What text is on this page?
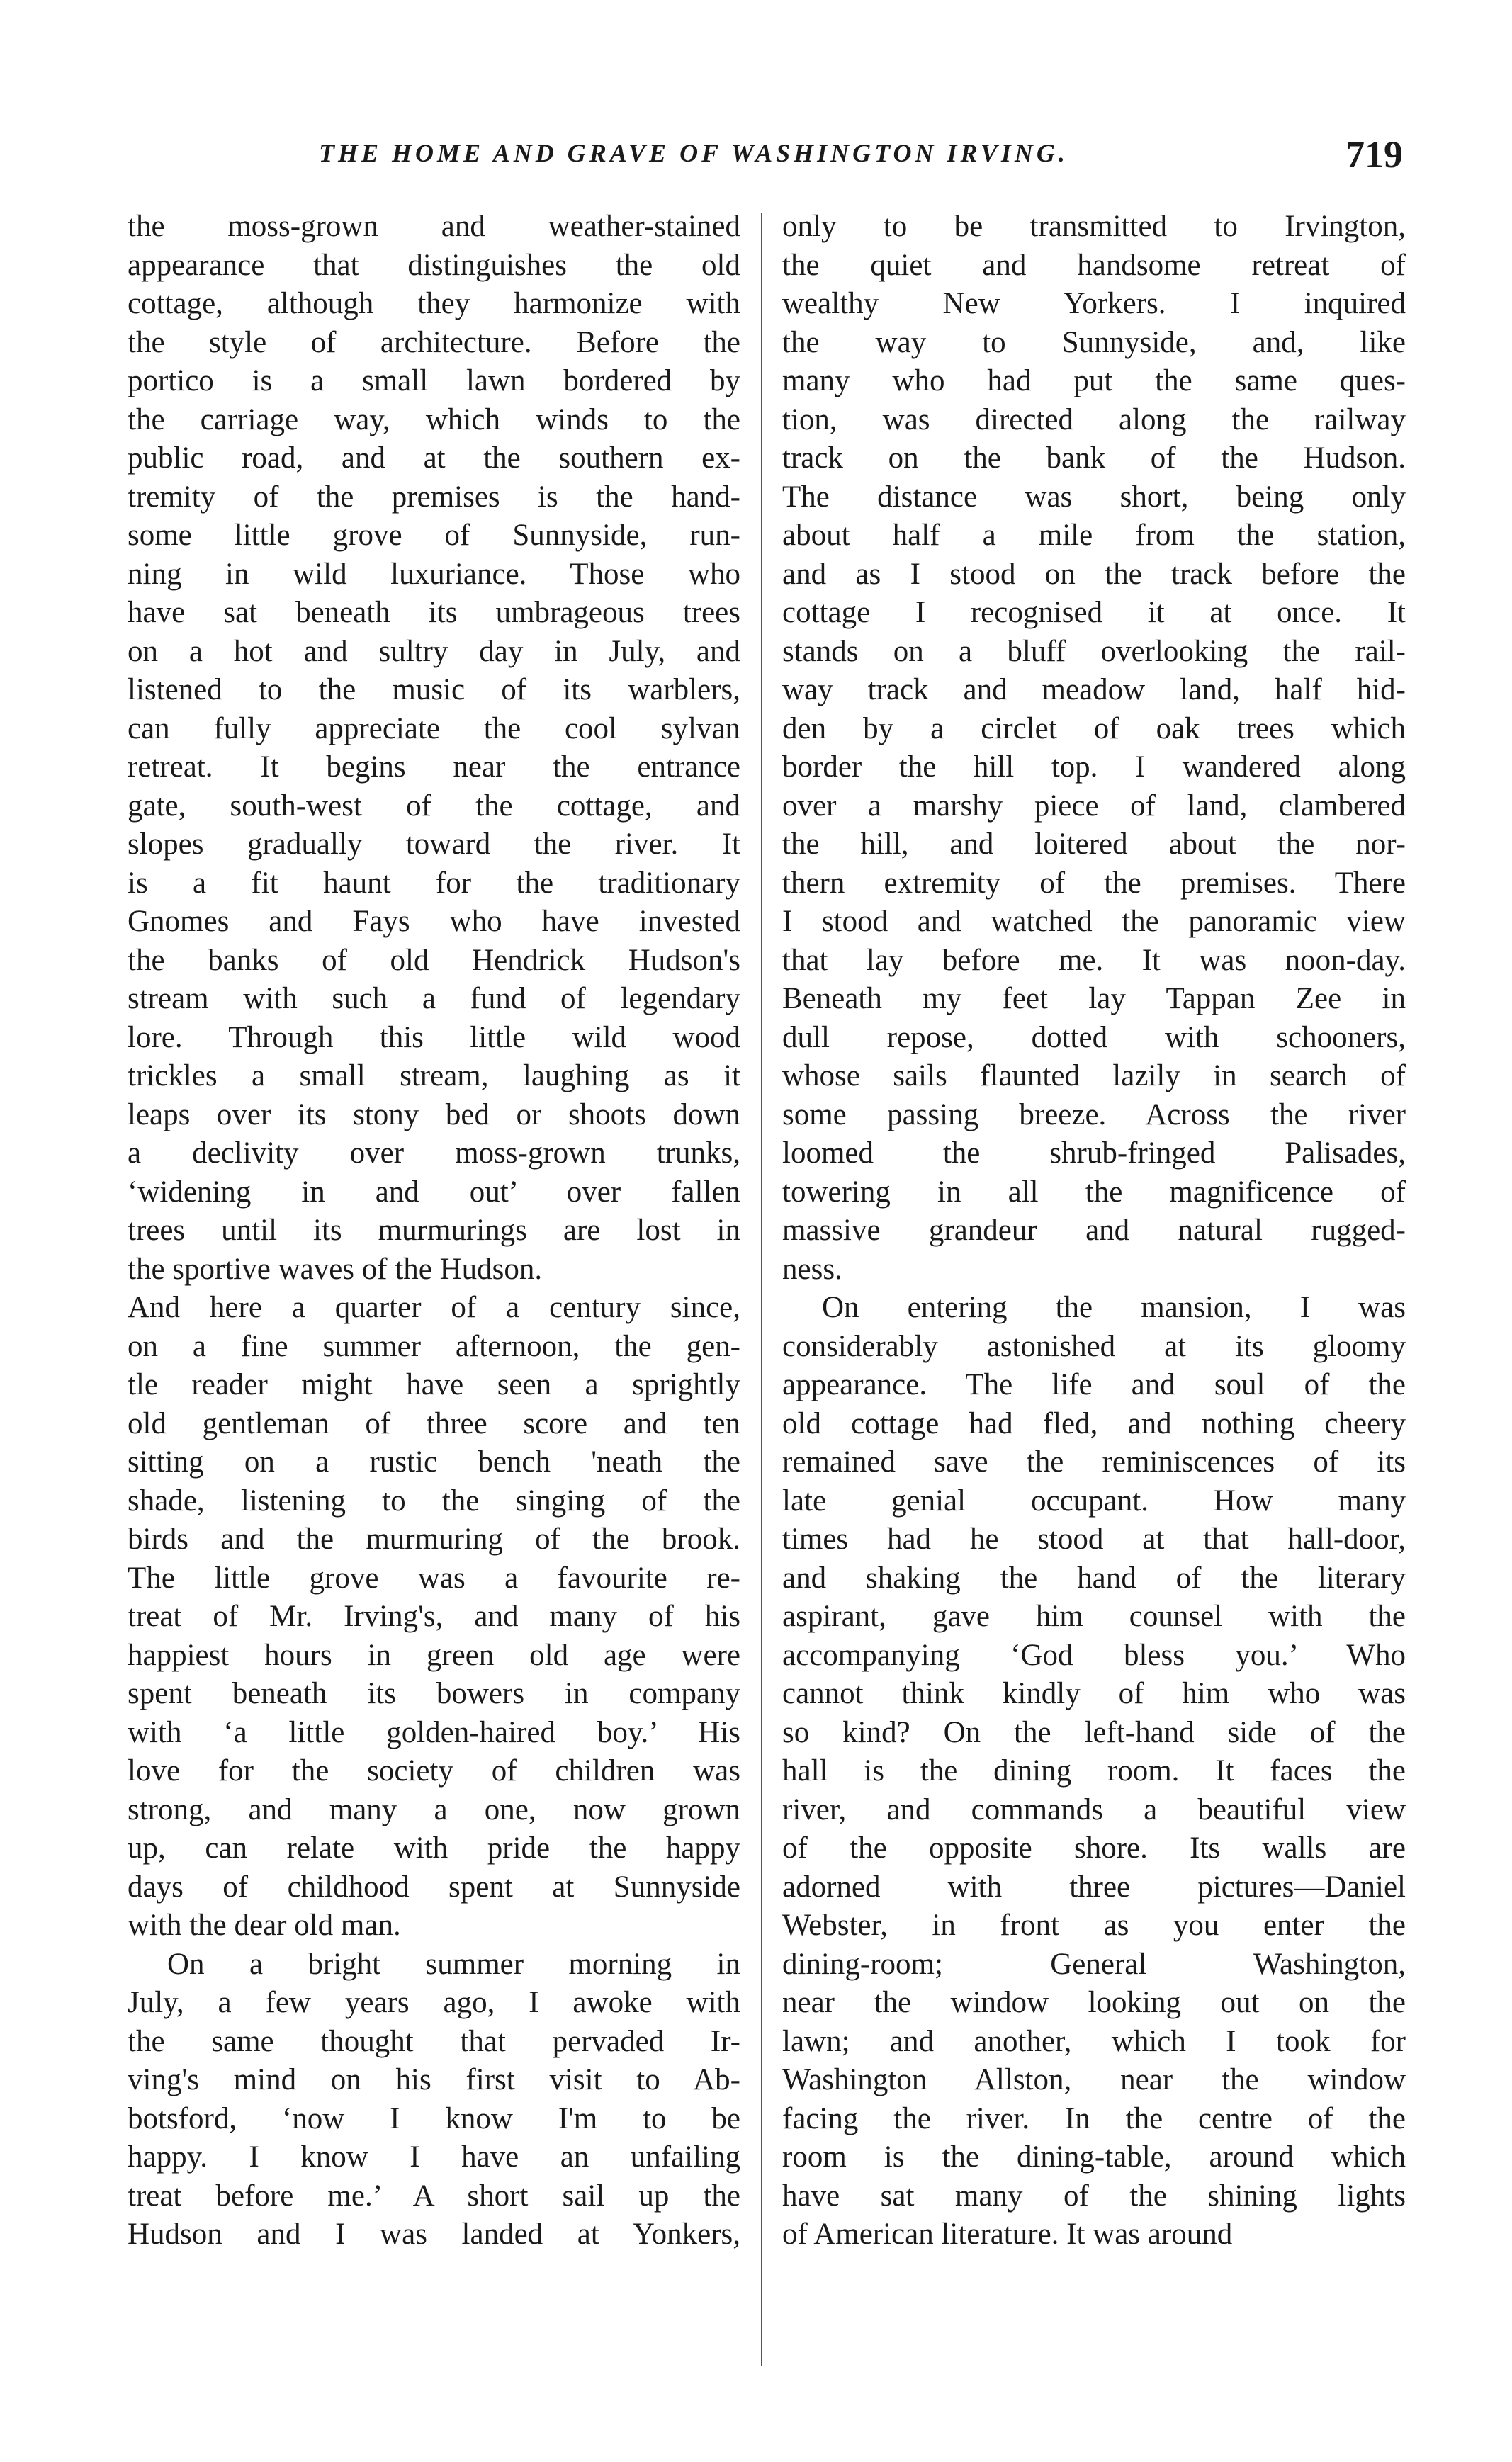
THE HOME AND GRAVE OF WASHINGTON IRVING.	719
the moss-grown and weather-stained
appearance that distinguishes the old
cottage, although they harmonize with
the style of architecture. Before the
portico is a small lawn bordered by
the carriage way, which winds to the
public road, and at the southern ex-
tremity of the premises is the hand-
some little grove of Sunnyside, run-
ning in wild luxuriance. Those who
have sat beneath its umbrageous trees
on a hot and sultry day in July, and
listened to the music of its warblers,
can fully appreciate the cool sylvan
retreat. It begins near the entrance
gate, south-west of the cottage, and
slopes gradually toward the river. It
is a fit haunt for the traditionary
Gnomes and Fays who have invested
the banks of old Hendrick Hudson's
stream with such a fund of legendary
lore. Through this little wild wood
trickles a small stream, laughing as it
leaps over its stony bed or shoots down
a declivity over moss-grown trunks,
‘widening in and out’ over fallen
trees until its murmurings are lost in
the sportive waves of the Hudson.
And here a quarter of a century since,
on a fine summer afternoon, the gen-
tle reader might have seen a sprightly
old gentleman of three score and ten
sitting on a rustic bench 'neath the
shade, listening to the singing of the
birds and the murmuring of the brook.
The little grove was a favourite re-
treat of Mr. Irving's, and many of his
happiest hours in green old age were
spent beneath its bowers in company
with ‘a little golden-haired boy.’ His
love for the society of children was
strong, and many a one, now grown
up, can relate with pride the happy
days of childhood spent at Sunnyside
with the dear old man.
On a bright summer morning in
July, a few years ago, I awoke with
the same thought that pervaded Ir-
ving's mind on his first visit to Ab-
botsford, ‘now I know I'm to be
happy. I know I have an unfailing
treat before me.’ A short sail up the
Hudson and I was landed at Yonkers,
only to be transmitted to Irvington,
the quiet and handsome retreat of
wealthy New Yorkers. I inquired
the way to Sunnyside, and, like
many who had put the same ques-
tion, was directed along the railway
track on the bank of the Hudson.
The distance was short, being only
about half a mile from the station,
and as I stood on the track before the
cottage I recognised it at once. It
stands on a bluff overlooking the rail-
way track and meadow land, half hid-
den by a circlet of oak trees which
border the hill top. I wandered along
over a marshy piece of land, clambered
the hill, and loitered about the nor-
thern extremity of the premises. There
I stood and watched the panoramic view
that lay before me. It was noon-day.
Beneath my feet lay Tappan Zee in
dull repose, dotted with schooners,
whose sails flaunted lazily in search of
some passing breeze. Across the river
loomed the shrub-fringed Palisades,
towering in all the magnificence of
massive grandeur and natural rugged-
ness.
On entering the mansion, I was
considerably astonished at its gloomy
appearance. The life and soul of the
old cottage had fled, and nothing cheery
remained save the reminiscences of its
late genial occupant. How many
times had he stood at that hall-door,
and shaking the hand of the literary
aspirant, gave him counsel with the
accompanying ‘God bless you.’ Who
cannot think kindly of him who was
so kind? On the left-hand side of the
hall is the dining room. It faces the
river, and commands a beautiful view
of the opposite shore. Its walls are
adorned with three pictures—Daniel
Webster, in front as you enter the
dining-room; General Washington,
near the window looking out on the
lawn; and another, which I took for
Washington Allston, near the window
facing the river. In the centre of the
room is the dining-table, around which
have sat many of the shining lights
of American literature. It was around
